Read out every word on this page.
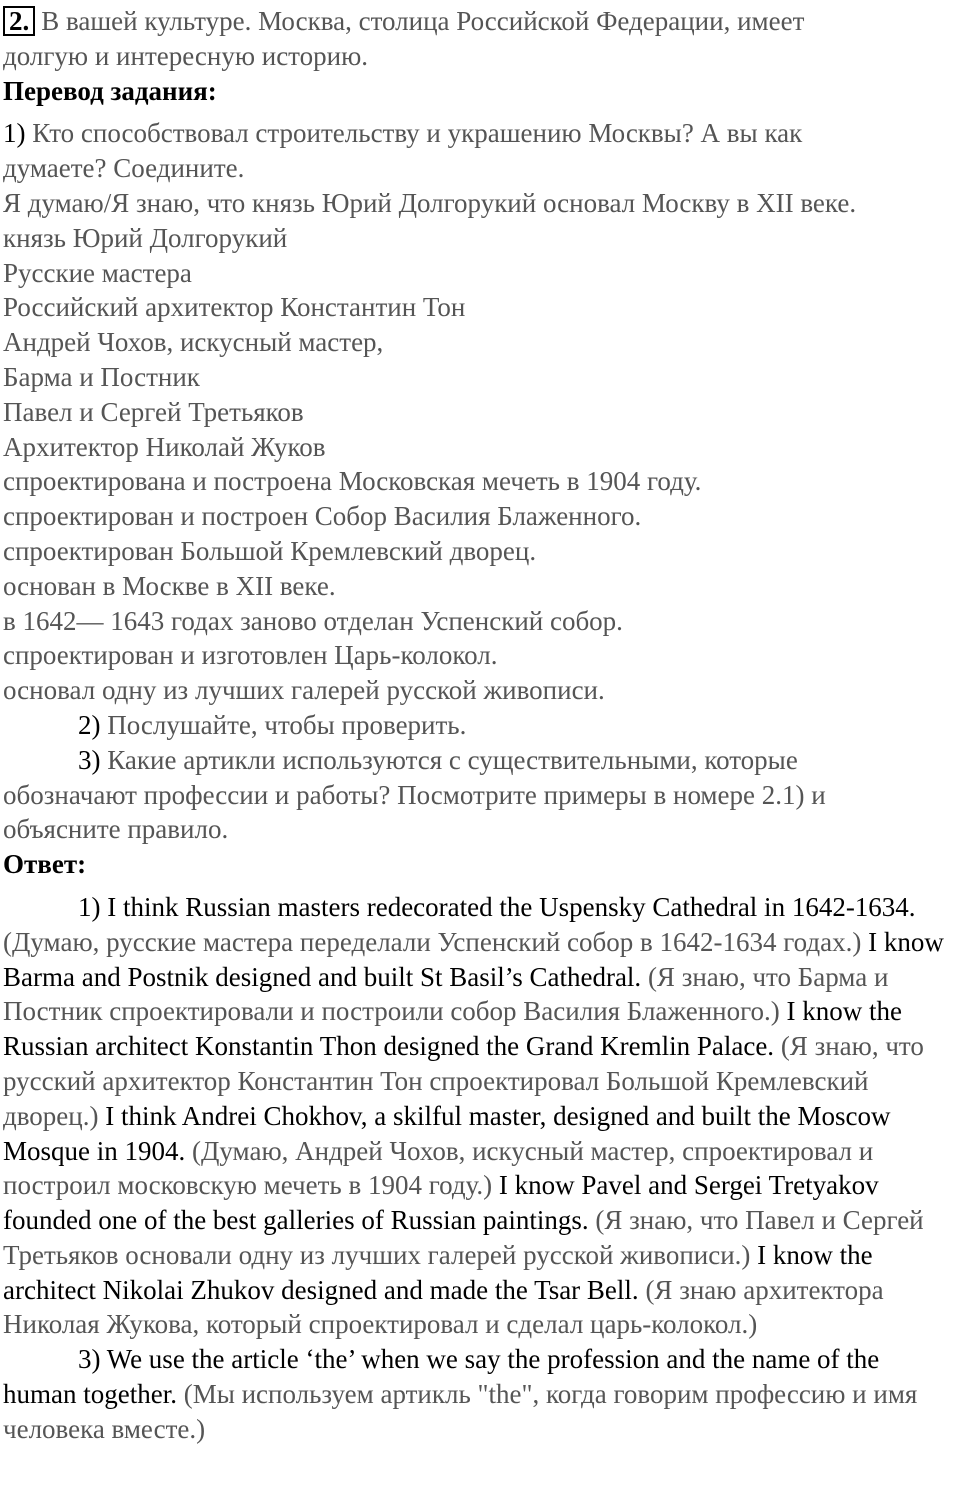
2. В вашей культуре. Москва, столица Российской Федерации, имеет
долгую и интересную историю.
Перевод задания:
1) Кто способствовал строительству и украшению Москвы? А вы как
думаете? Соедините.
Я думаю/Я знаю, что князь Юрий Долгорукий основал Москву в XII веке.
князь Юрий Долгорукий
Русские мастера
Российский архитектор Константин Тон
Андрей Чохов, искусный мастер,
Барма и Постник
Павел и Сергей Третьяков
Архитектор Николай Жуков
спроектирована и построена Московская мечеть в 1904 году.
спроектирован и построен Собор Василия Блаженного.
спроектирован Большой Кремлевский дворец.
основан в Москве в XII веке.
в 1642— 1643 годах заново отделан Успенский собор.
спроектирован и изготовлен Царь-колокол.
основал одну из лучших галерей русской живописи.
2) Послушайте, чтобы проверить.
3) Какие артикли используются с существительными, которые
обозначают профессии и работы? Посмотрите примеры в номере 2.1) и
объясните правило.
Ответ:
1) I think Russian masters redecorated the Uspensky Cathedral in 1642-1634. (Думаю, русские мастера переделали Успенский собор в 1642-1634 годах.) I know Barma and Postnik designed and built St Basil’s Cathedral. (Я знаю, что Барма и Постник спроектировали и построили собор Василия Блаженного.) I know the Russian architect Konstantin Thon designed the Grand Kremlin Palace. (Я знаю, что русский архитектор Константин Тон спроектировал Большой Кремлевский дворец.) I think Andrei Chokhov, a skilful master, designed and built the Moscow Mosque in 1904. (Думаю, Андрей Чохов, искусный мастер, спроектировал и построил московскую мечеть в 1904 году.) I know Pavel and Sergei Tretyakov founded one of the best galleries of Russian paintings. (Я знаю, что Павел и Сергей Третьяков основали одну из лучших галерей русской живописи.) I know the architect Nikolai Zhukov designed and made the Tsar Bell. (Я знаю архитектора Николая Жукова, который спроектировал и сделал царь-колокол.)
3) We use the article ‘the’ when we say the profession and the name of the human together. (Мы используем артикль "the", когда говорим профессию и имя человека вместе.)
